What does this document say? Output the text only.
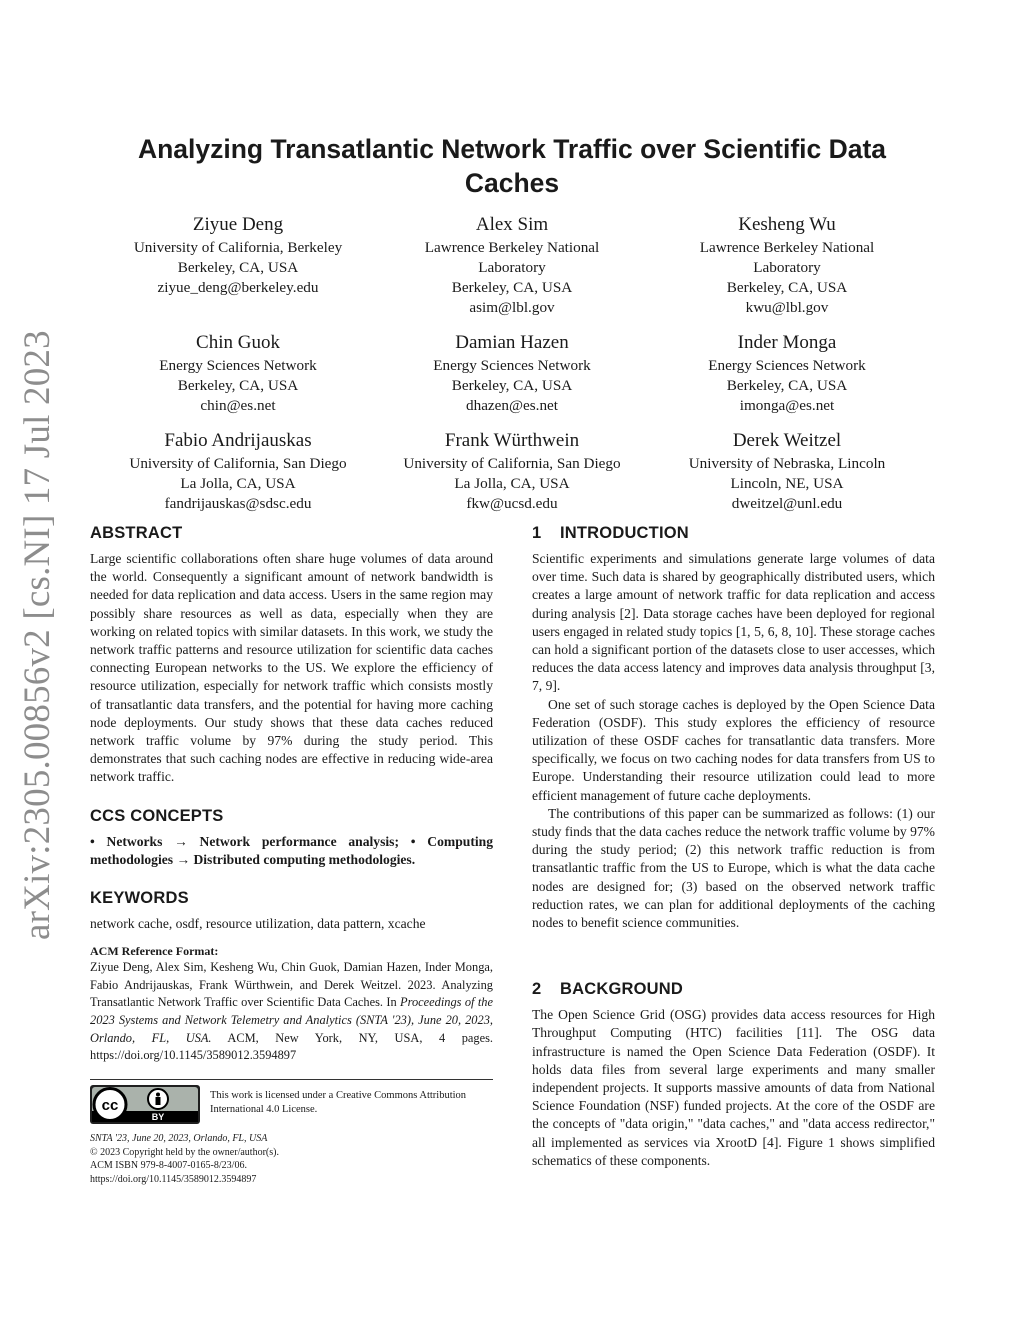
arXiv:2305.00856v2 [cs.NI] 17 Jul 2023
Analyzing Transatlantic Network Traffic over Scientific Data Caches
Ziyue Deng
University of California, Berkeley
Berkeley, CA, USA
ziyue_deng@berkeley.edu
Alex Sim
Lawrence Berkeley National
Laboratory
Berkeley, CA, USA
asim@lbl.gov
Kesheng Wu
Lawrence Berkeley National
Laboratory
Berkeley, CA, USA
kwu@lbl.gov
Chin Guok
Energy Sciences Network
Berkeley, CA, USA
chin@es.net
Damian Hazen
Energy Sciences Network
Berkeley, CA, USA
dhazen@es.net
Inder Monga
Energy Sciences Network
Berkeley, CA, USA
imonga@es.net
Fabio Andrijauskas
University of California, San Diego
La Jolla, CA, USA
fandrijauskas@sdsc.edu
Frank Würthwein
University of California, San Diego
La Jolla, CA, USA
fkw@ucsd.edu
Derek Weitzel
University of Nebraska, Lincoln
Lincoln, NE, USA
dweitzel@unl.edu
ABSTRACT

Large scientific collaborations often share huge volumes of data around the world. Consequently a significant amount of network bandwidth is needed for data replication and data access. Users in the same region may possibly share resources as well as data, especially when they are working on related topics with similar datasets. In this work, we study the network traffic patterns and resource utilization for scientific data caches connecting European networks to the US. We explore the efficiency of resource utilization, especially for network traffic which consists mostly of transatlantic data transfers, and the potential for having more caching node deployments. Our study shows that these data caches reduced network traffic volume by 97% during the study period. This demonstrates that such caching nodes are effective in reducing wide-area network traffic.

CCS CONCEPTS

• Networks → Network performance analysis; • Computing methodologies → Distributed computing methodologies.

KEYWORDS

network cache, osdf, resource utilization, data pattern, xcache

ACM Reference Format:

Ziyue Deng, Alex Sim, Kesheng Wu, Chin Guok, Damian Hazen, Inder Monga, Fabio Andrijauskas, Frank Würthwein, and Derek Weitzel. 2023. Analyzing Transatlantic Network Traffic over Scientific Data Caches. In Proceedings of the 2023 Systems and Network Telemetry and Analytics (SNTA '23), June 20, 2023, Orlando, FL, USA. ACM, New York, NY, USA, 4 pages. https://doi.org/10.1145/3589012.3594897

cc
BY
This work is licensed under a Creative Commons Attribution International 4.0 License.
SNTA '23, June 20, 2023, Orlando, FL, USA
© 2023 Copyright held by the owner/author(s).
ACM ISBN 979-8-4007-0165-8/23/06.
https://doi.org/10.1145/3589012.3594897
1 INTRODUCTION

Scientific experiments and simulations generate large volumes of data over time. Such data is shared by geographically distributed users, which creates a large amount of network traffic for data replication and access during analysis [2]. Data storage caches have been deployed for regional users engaged in related study topics [1, 5, 6, 8, 10]. These storage caches can hold a significant portion of the datasets close to user accesses, which reduces the data access latency and improves data analysis throughput [3, 7, 9].

One set of such storage caches is deployed by the Open Science Data Federation (OSDF). This study explores the efficiency of resource utilization of these OSDF caches for transatlantic data transfers. More specifically, we focus on two caching nodes for data transfers from US to Europe. Understanding their resource utilization could lead to more efficient management of future cache deployments.

The contributions of this paper can be summarized as follows: (1) our study finds that the data caches reduce the network traffic volume by 97% during the study period; (2) this network traffic reduction is from transatlantic traffic from the US to Europe, which is what the data cache nodes are designed for; (3) based on the observed network traffic reduction rates, we can plan for additional deployments of the caching nodes to benefit science communities.

2 BACKGROUND

The Open Science Grid (OSG) provides data access resources for High Throughput Computing (HTC) facilities [11]. The OSG data infrastructure is named the Open Science Data Federation (OSDF). It holds data files from several large experiments and many smaller independent projects. It supports massive amounts of data from National Science Foundation (NSF) funded projects. At the core of the OSDF are the concepts of "data origin," "data caches," and "data access redirector," all implemented as services via XrootD [4]. Figure 1 shows simplified schematics of these components.
